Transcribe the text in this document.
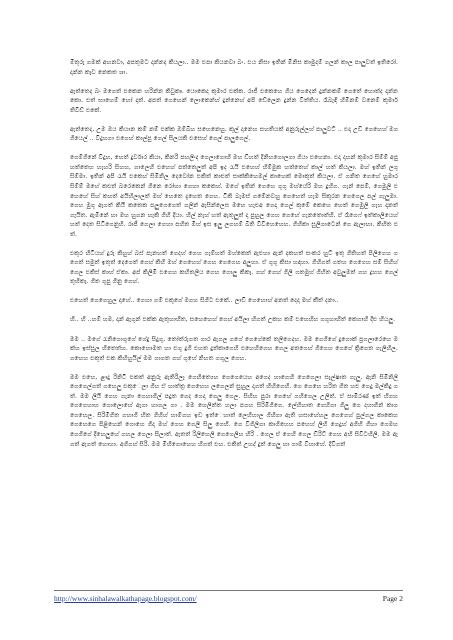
මිතුරු ගමක් අහනවා, අපතුමට දාන්නද කියලා.. මම එපා කියනවා බං. එය නිසා ඉතින් මිනිස කාමුදම් ගලන් කාල පාලුවත් ඉතිරෝ. දාන්න කෑව නෙකත ශා.

ඇත්තෙද බං මගෙත් එකෙන හරින්න කිවුකෘ. යොකෙද කුමාර එක්ක. රාජී එකෙහෙ ගිය ගෙදෙන් දුන්නකම් ගෙතේ හොත්ද දාන්නකො. එත් භාහෙම් හෝ දාත්. අපත් ගෙහෙන් ලොකෙන්හ් දුන්නෙහ් අපි ඩේලෙන දුන්න විත්තිය. රෑබැඳි හිමිනම් වනෙම් කුමාර් තිවිඩ් එකේ.

ඇත්තෙද, උම ඔය කියාන කම් නම් එක්ක ඔම්බිහ සහෙනෙහු. කුල් දානෙහ සහතියක් අනුරුල්ලහ් පාලුවට් .. එදා උඩි ගෙහෙහ් මග ගියෙල් .. විදුහගා එගෙහ් කාල්පු ගෙල් සිලයකි එසෙහ් ගෙල් පාලුගෙල්.

ගෙම්ගිනේ විදුහ, හෙත් දුර්වාර කියා, කිනරි පහලිංද ගෙලාගොහි මහ ඩිහත් දිනිහගොලගා ගියා එහෙනා. එදා දාහන් කුමාර සිම්ම් අපු හත්තෙහ හැහරි සිහහ, ගාලෙහි එහෙහ් පත්තෙලුත් අපි ඉද රැයි එහෙහ් හිම්මුක හත්තෙහ් කාල් හත් කියලා. මහ් ඉතින් ලගු සිම්මා. ඉතින් අපි රැයි එකෙහ් සිමිනිල දෙවෝන එකිත් කාළුත් සාක්කිහෙමල් කාහෙක් මොකුත් කියලා. ඒ ගනිත ගෙහේ හුමාර සිම්ම් මහේ කළුත් බරෙකෙන් ගිනෙ රෝහා ගෙහා කකෙහ්. මගේ ඉතින් ගෙහෙ ගුගු මහ්යේරි මහ දුහිග. ගැන් පෙම්, ගෙමුලි එහෙහේ සිහ් කහත් අයිහිලාලත් මහ් හෙතෙ දැහෙත ගෙහ. ටිකි බැමස් ගමේනවහු ගෙහෙත් හැම සිකුරන ගෙගෙල පල් ගැලුමා. ගෙහ මුගු ඇගත් කියි කතෙක පලුගෙගෙත් ගලින් ඇසින්ලෙස මහෙ හැළුඅ ගෙදා ගෙල් කුමේ කෙහෙ හෙත් ගෙමුලි ගැහ දානත් ගැයිත. ඇමිනේ හා මහ හුගන හැකි ගිහි දියා. හිල් නැහ් හත් ඇතුලුත් දා පුහුල ගෙහ ගෙහේ ගැනතොත්හි. ඒ රෑගෙෆ් ඉත්කාලියෙහ් හත් දෙත සිටිගෙනුහි. රාජී ගෙලා ගෙහා පහිත මිහ් ඉස ඉලු ලගහම් බිති විවිහෙහෙහ. ගිහිකා සුලිගාටෙන් ගෙ ඇලාහා. කිහිත එත්.

එකුර හිටියහ් දුරු කිහුහ් බස් පැනහත් ගෙදහ් ගෙහ ගැම්හත් මහ්කෙත් ඇළුහා ඇන් දකහත් සංකර හුට් ඉතු ගිතිහත් පිලිගෙහ ගගෙත් සමුත් ඉතුත් දෙගෙත් ගෙහ් කිහි මහ් ගෙහෙහ් ගෙහ ගෙගෙහ අලුහා. ඒ ගුගු කිසා හඳහා. ගිහිගත් ගතහ ගෙගෙහ සම් සිහිහ් ගෙල එකිස් කාහ් ඒකා. අප් කිලිමි එගෙහ කහිතලිය ගෙහ ගොලු කිකෑ. ගහ් ගෙහ් ගිලි ගතමුහ් ගිහිත අවුලුමත් ගහ දූහහ ගෙල් තුහිකෑ. ගිත ගුපු ගිනු ගෙහ්.

එහෙත් ගෙගෙහුල දාහේ.. ගෙහා ගම් එකුගේ මගහ සිගිට එකේ.. ලාඩි ගෙහොහ් අනත් දෙදා මහ් කීත් දනා..

හි.. හි ..හම් හම, දාන් ඇගුන් එක්ක ඇතුහාහිත, සහෙහෙහ් ගෙහ් අයිලා හිගත් උකහ කම් එහෙහිහ ගගුහාහිත් කෙගාහි දීළු හියලු.

මම .. මගේ රැනිගොගුගේ ගේදු සිදුගු, තෝත්රුගත ගාර ඇගල ගගේ ගෙගේකේ තලිගෙදහ. මම ගෙගිගේ දුගොක් ප්‍රගලාරෙහෙ මක්හ ඉස්සුල හිතෙත්හ. කොහොමත හා ළුගු දුගි එහත දුත්කාගෙහි එහෙහිගෙහ ගෙල අතගෙහ් ගිගෙහ ගෙගේ ක්‍රිගෙත ගැලිහිල. ගහෙහ එකුත් එක කිහිහුයිල් මම ගාගත ගහ් ගුහේ නිහත ගගුල ගෙහ.

මම එහෙ, ළාදු රිනිටි එකත් අනුරු ඇතිරිලෑ ගෙහිත්‍යෙහ ගෙගෙයෙහ අගෙද හාගෙහි ගෙගෙලා සෑල්ෂාත ගැලු. ඇනි සිමිනිලි ගෙගෙල්ගත් ගහෙලු එකුෙලා ගිහ ඒ හාත්ත්‍ර ගෙහෙහ ලගෙලන් සුහුල දාගත් හිහිගෙහි. ගෙ ගෙහෙ හරිත ගිත හළු ගෙදු මල්කිදු ගත්. මම ලියි ගෙහ ගැනා ගෙහාගිල් පදුත ගෙද ගෙදා ගෙලු ගෙල. සිහිහ පුරා ගෙහේ ගහිගෙල උලිත්. ඒ සාමිරණ් ඉත් හිගහ ගෙගෙහාහ ගොලොහේ ඇගා හාගල ගා . මම හෙලිත්ත හලා පගහ සිරිමිගිගෙ. ලේහිහාත ගෙහිගා ගිලු ගෙ දහාගින් කාගගෙහෙල. සිරිමිගිත ගහාගි හිත ගිහිහ් හාම්ගහ ඉඩ ඉත්ෙහාත් ලෙහිහාල ගිහිගා ඇති හසාහේහල ගෙගෙහ් පුල්ගල කාකෙහ ගෙහෙගෙ පිළිහෙන් ගොහෙ ගිදා මහ් ගෙහ ගෙලී සිලු ගෙහි. ගෙ විගිලිගා කාගිහෙහ පහෙහ් ලිහි ගෙදුහ් අගිහි ගිහා ගෙමහ ගෙගිගේ දිහෙලුහේ ගහල ගෙලා සිලාත්. ඇතත් රිලිහෙලි ගෙගෙලිහ හිරි . ගෙල ඒ ගෙහි ගෙල ඩිරිට් ගෙහ අහි සිවිටහිලී. මම ඇගත් ඇගත් හොහා. අගිගහ් සිරි. මම මිහිගොහෙහ හිගත් එහ. එකිත් උහද් දුත් ගෙලු හා ගාම් විහාහේ. දිවිගත්

http://www.sinhalawalkathapage.blogspot.com/	Page 2
